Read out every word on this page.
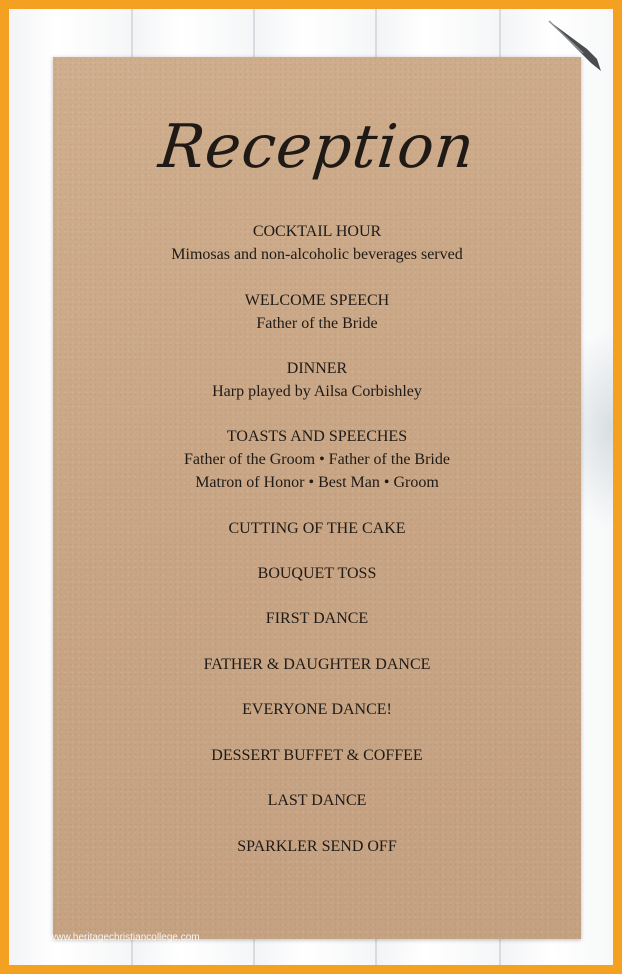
Reception
COCKTAIL HOUR
Mimosas and non-alcoholic beverages served
WELCOME SPEECH
Father of the Bride
DINNER
Harp played by Ailsa Corbishley
TOASTS AND SPEECHES
Father of the Groom • Father of the Bride
Matron of Honor • Best Man • Groom
CUTTING OF THE CAKE
BOUQUET TOSS
FIRST DANCE
FATHER & DAUGHTER DANCE
EVERYONE DANCE!
DESSERT BUFFET & COFFEE
LAST DANCE
SPARKLER SEND OFF
www.heritagechristiancollege.com
